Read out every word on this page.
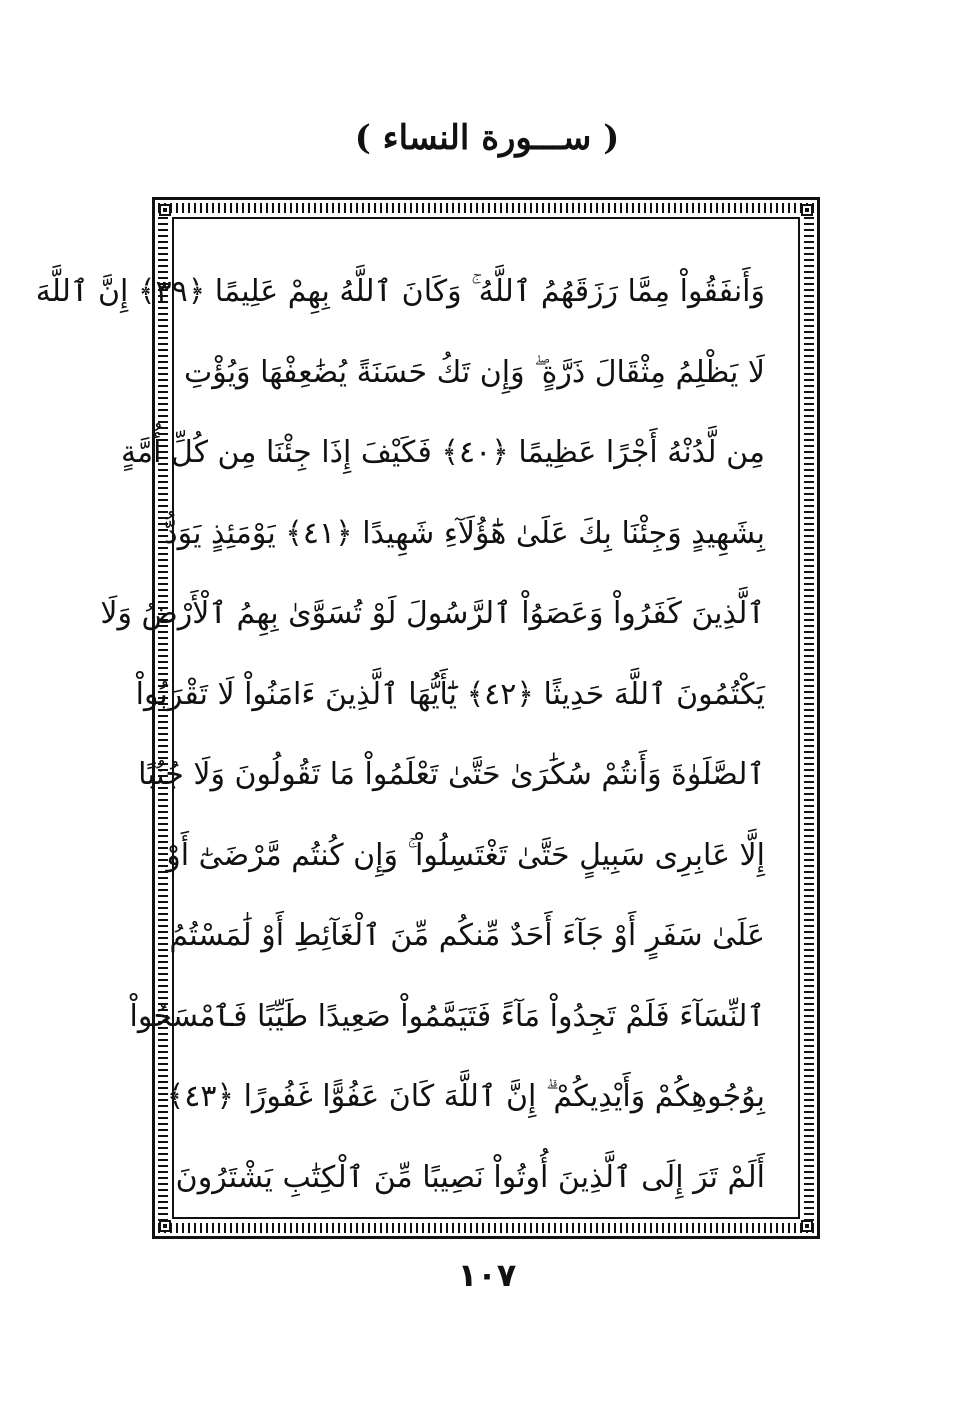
( ســـورة النساء )
وَأَنفَقُواْ مِمَّا رَزَقَهُمُ ٱللَّهُ ۚ وَكَانَ ٱللَّهُ بِهِمْ عَلِيمًا ﴿٣٩﴾ إِنَّ ٱللَّهَ
لَا يَظْلِمُ مِثْقَالَ ذَرَّةٍ ۖ وَإِن تَكُ حَسَنَةً يُضَٰعِفْهَا وَيُؤْتِ
مِن لَّدُنْهُ أَجْرًا عَظِيمًا ﴿٤٠﴾ فَكَيْفَ إِذَا جِئْنَا مِن كُلِّ أُمَّةٍ
بِشَهِيدٍ وَجِئْنَا بِكَ عَلَىٰ هَٰٓؤُلَآءِ شَهِيدًا ﴿٤١﴾ يَوْمَئِذٍ يَوَدُّ
ٱلَّذِينَ كَفَرُواْ وَعَصَوُاْ ٱلرَّسُولَ لَوْ تُسَوَّىٰ بِهِمُ ٱلْأَرْضُ وَلَا
يَكْتُمُونَ ٱللَّهَ حَدِيثًا ﴿٤٢﴾ يَٰٓأَيُّهَا ٱلَّذِينَ ءَامَنُواْ لَا تَقْرَبُواْ
ٱلصَّلَوٰةَ وَأَنتُمْ سُكَٰرَىٰ حَتَّىٰ تَعْلَمُواْ مَا تَقُولُونَ وَلَا جُنُبًا
إِلَّا عَابِرِى سَبِيلٍ حَتَّىٰ تَغْتَسِلُواْ ۚ وَإِن كُنتُم مَّرْضَىٰٓ أَوْ
عَلَىٰ سَفَرٍ أَوْ جَآءَ أَحَدٌ مِّنكُم مِّنَ ٱلْغَآئِطِ أَوْ لَٰمَسْتُمُ
ٱلنِّسَآءَ فَلَمْ تَجِدُواْ مَآءً فَتَيَمَّمُواْ صَعِيدًا طَيِّبًا فَٱمْسَحُواْ
بِوُجُوهِكُمْ وَأَيْدِيكُمْ ۗ إِنَّ ٱللَّهَ كَانَ عَفُوًّا غَفُورًا ﴿٤٣﴾
أَلَمْ تَرَ إِلَى ٱلَّذِينَ أُوتُواْ نَصِيبًا مِّنَ ٱلْكِتَٰبِ يَشْتَرُونَ
١٠٧
